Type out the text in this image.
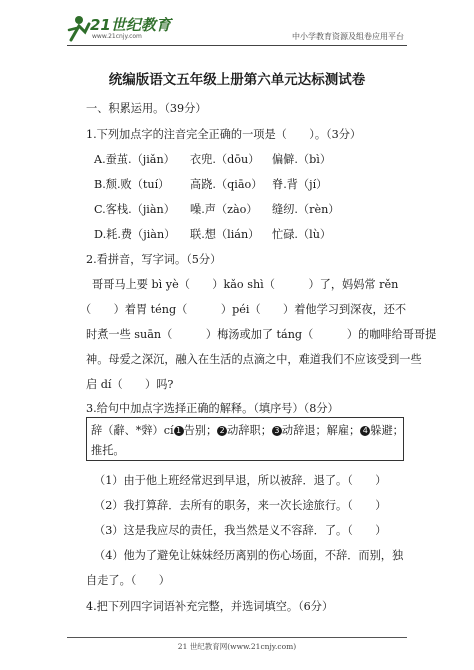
21世纪教育
www.21cnjy.com	中小学教育资源及组卷应用平台
统编版语文五年级上册第六单元达标测试卷
一、积累运用。（39分）
1.下列加点字的注音完全正确的一项是（　　）。（3分）
A.蚕茧.（jiǎn） 衣兜.（dōu） 偏僻.（bì）
B.颓.败（tuí） 高跷.（qiāo） 脊.背（jí）
C.客栈.（jiàn） 噪.声（zào） 缝纫.（rèn）
D.耗.费（jiàn） 联.想（lián） 忙碌.（lù）
2.看拼音，写字词。（5分）
哥哥马上要 bì yè（　　）kǎo shì（　　　）了，妈妈常 rěn
（　　）着胃 téng（　　　）péi（　　）着他学习到深夜，还不
时煮一些 suān（　　　）梅汤或加了 táng（　　　）的咖啡给哥哥提
神。母爱之深沉，融入在生活的点滴之中，难道我们不应该受到一些
启 dí（　　）吗?
3.给句中加点字选择正确的解释。（填序号）（8分）
辞（辭、*辤）cí 1 告别； 2 动辞职； 3 动辞退；解雇； 4 躲避；
推托。
（1）由于他上班经常迟到早退，所以被辞．退了。（　　）
（2）我打算辞．去所有的职务，来一次长途旅行。（　　）
（3）这是我应尽的责任，我当然是义不容辞．了。（　　）
（4）他为了避免让妹妹经历离别的伤心场面，不辞．而别，独
自走了。（　　）
4.把下列四字词语补充完整，并选词填空。（6分）
21 世纪教育网(www.21cnjy.com)
